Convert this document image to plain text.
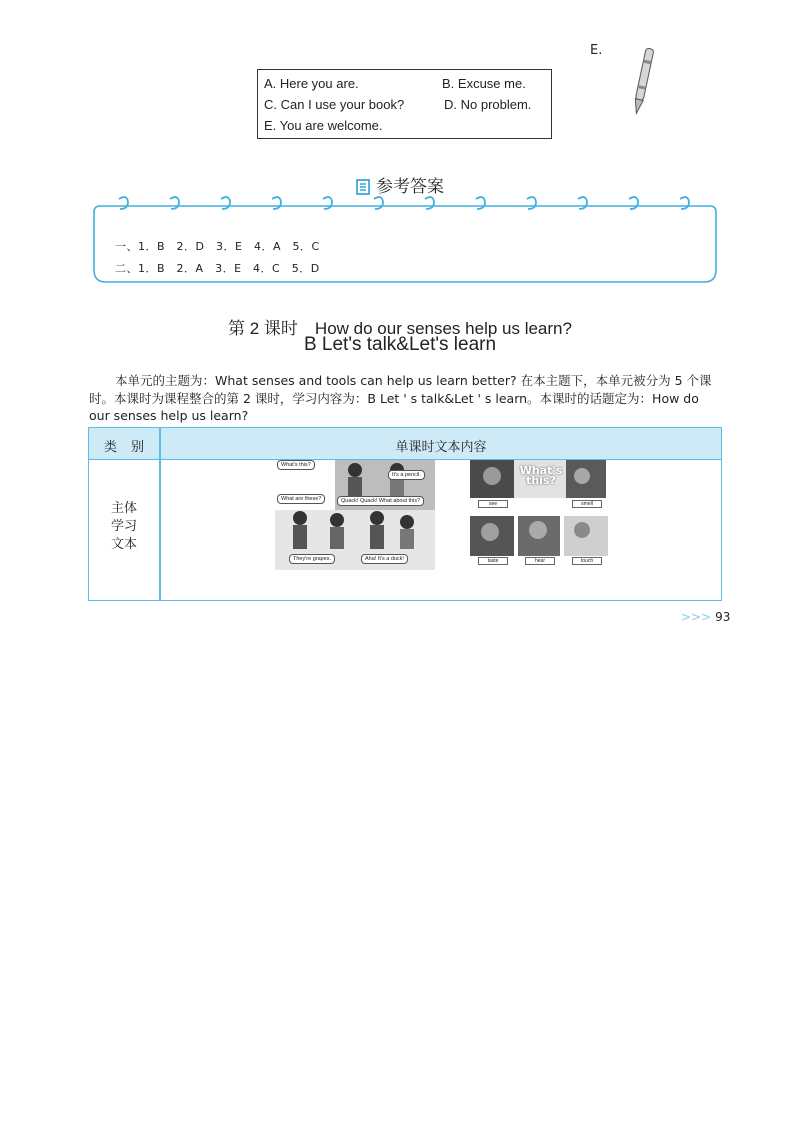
E.
A. Here you are.	B. Excuse me.
C. Can I use your book?	D. No problem.
E. You are welcome.
参考答案
一、1．B　2．D　3．E　4．A　5．C
二、1．B　2．A　3．E　4．C　5．D
第 2 课时　How do our senses help us learn?
B Let's talk&Let's learn
本单元的主题为：What senses and tools can help us learn better? 在本主题下，本单元被分为 5 个课时。本课时为课程整合的第 2 课时，学习内容为：B Let ' s talk&Let ' s learn。本课时的话题定为：How do our senses help us learn?
类别	单课时文本内容
主体
学习
文本
What's this?
It's a pencil.
What are these?	Quack! Quack! What about this?
They're grapes.	Aha! It's a duck!
What's this?
see	smell
taste	hear	touch
>>> 93
